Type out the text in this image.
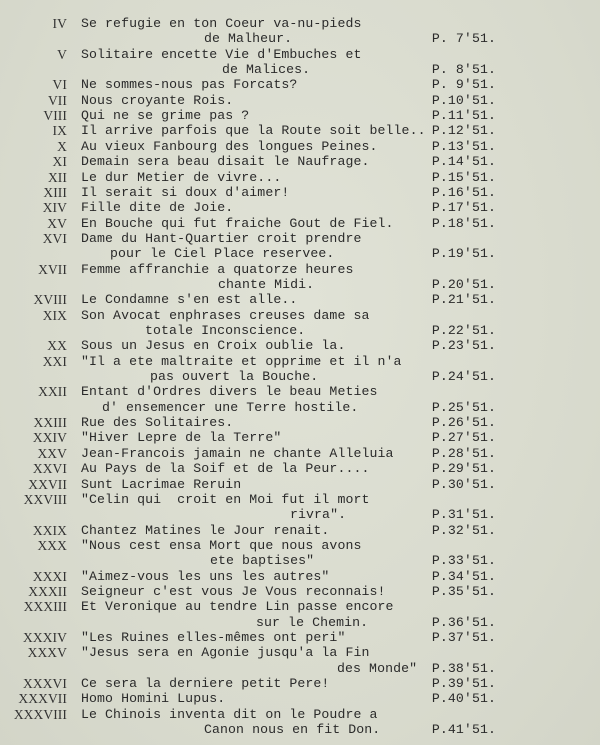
IV Se refugie en ton Coeur va-nu-pieds
de Malheur.	P. 7'51.
V Solitaire encette Vie d'Embuches et
de Malices.	P. 8'51.
VI Ne sommes-nous pas Forcats?	P. 9'51.
VII Nous croyante Rois.	P.10'51.
VIII Qui ne se grime pas ?	P.11'51.
IX Il arrive parfois que la Route soit belle.. P.12'51.
X Au vieux Fanbourg des longues Peines.	P.13'51.
XI Demain sera beau disait le Naufrage.	P.14'51.
XII Le dur Metier de vivre...	P.15'51.
XIII Il serait si doux d'aimer!	P.16'51.
XIV Fille dite de Joie.	P.17'51.
XV En Bouche qui fut fraiche Gout de Fiel.	P.18'51.
XVI Dame du Hant-Quartier croit prendre
pour le Ciel Place reservee.	P.19'51.
XVII Femme affranchie a quatorze heures
chante Midi.	P.20'51.
XVIII Le Condamne s'en est alle..	P.21'51.
XIX Son Avocat enphrases creuses dame sa
totale Inconscience.	P.22'51.
XX Sous un Jesus en Croix oublie la.	P.23'51.
XXI "Il a ete maltraite et opprime et il n'a
pas ouvert la Bouche.	P.24'51.
XXII Entant d'Ordres divers le beau Meties
d' ensemencer une Terre hostile.	P.25'51.
XXIII Rue des Solitaires.	P.26'51.
XXIV "Hiver Lepre de la Terre"	P.27'51.
XXV Jean-Francois jamain ne chante Alleluia	P.28'51.
XXVI Au Pays de la Soif et de la Peur....	P.29'51.
XXVII Sunt Lacrimae Reruin	P.30'51.
XXVIII "Celin qui  croit en Moi fut il mort
rivra".	P.31'51.
XXIX Chantez Matines le Jour renait.	P.32'51.
XXX "Nous cest ensa Mort que nous avons
ete baptises"	P.33'51.
XXXI "Aimez-vous les uns les autres"	P.34'51.
XXXII Seigneur c'est vous Je Vous reconnais!	P.35'51.
XXXIII Et Veronique au tendre Lin passe encore
sur le Chemin.	P.36'51.
XXXIV "Les Ruines elles-mêmes ont peri"	P.37'51.
XXXV "Jesus sera en Agonie jusqu'a la Fin
des Monde"	P.38'51.
XXXVI Ce sera la derniere petit Pere!	P.39'51.
XXXVII Homo Homini Lupus.	P.40'51.
XXXVIII Le Chinois inventa dit on le Poudre a
Canon nous en fit Don.	P.41'51.
